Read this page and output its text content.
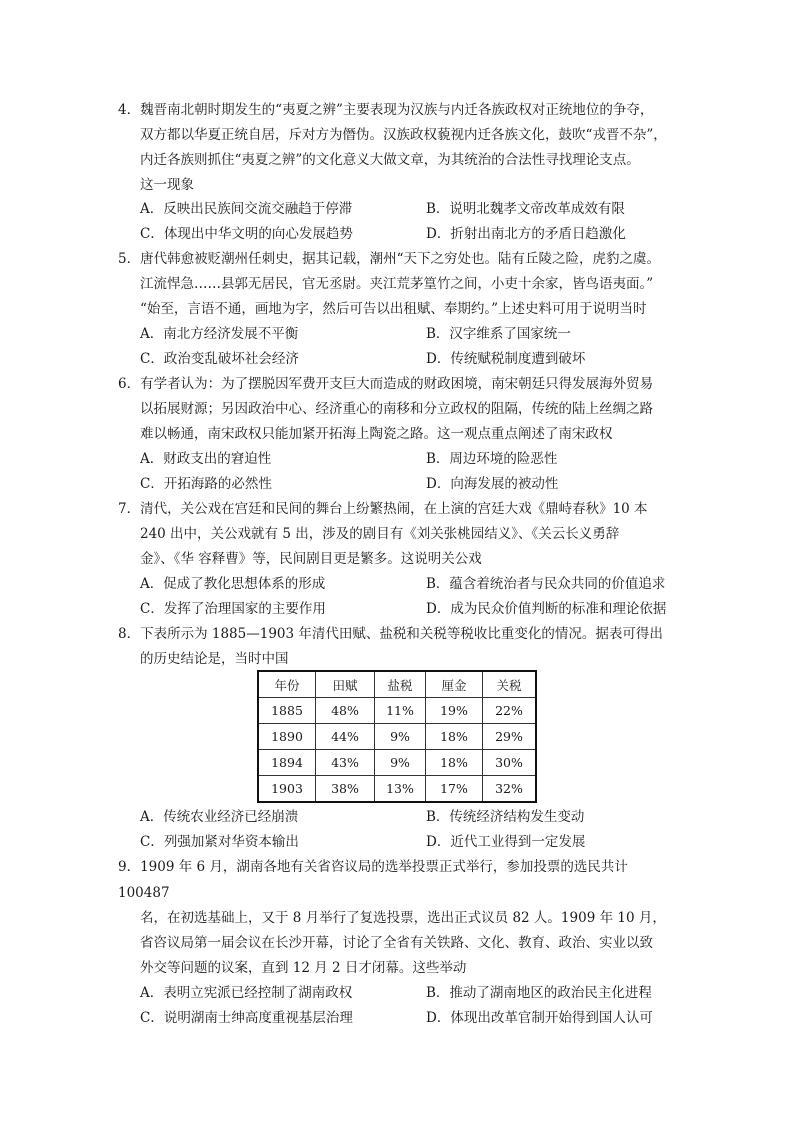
4．魏晋南北朝时期发生的“夷夏之辨”主要表现为汉族与内迁各族政权对正统地位的争夺，
双方都以华夏正统自居，斥对方为僭伪。汉族政权藐视内迁各族文化，鼓吹“戎晋不杂”，
内迁各族则抓住“夷夏之辨”的文化意义大做文章，为其统治的合法性寻找理论支点。
这一现象
A．反映出民族间交流交融趋于停滞	B．说明北魏孝文帝改革成效有限
C．体现出中华文明的向心发展趋势	D．折射出南北方的矛盾日趋激化
5．唐代韩愈被贬潮州任刺史，据其记载，潮州“天下之穷处也。陆有丘陵之险，虎豹之虞。
江流悍急……县郭无居民，官无丞尉。夹江荒茅篁竹之间，小吏十余家，皆鸟语夷面。”
“始至，言语不通，画地为字，然后可告以出租赋、奉期约。”上述史料可用于说明当时
A．南北方经济发展不平衡	B．汉字维系了国家统一
C．政治变乱破坏社会经济	D．传统赋税制度遭到破坏
6．有学者认为：为了摆脱因军费开支巨大而造成的财政困境，南宋朝廷只得发展海外贸易
以拓展财源；另因政治中心、经济重心的南移和分立政权的阻隔，传统的陆上丝绸之路
难以畅通，南宋政权只能加紧开拓海上陶瓷之路。这一观点重点阐述了南宋政权
A．财政支出的窘迫性	B．周边环境的险恶性
C．开拓海路的必然性	D．向海发展的被动性
7．清代，关公戏在宫廷和民间的舞台上纷繁热闹，在上演的宫廷大戏《鼎峙春秋》10 本
240 出中，关公戏就有 5 出，涉及的剧目有《刘关张桃园结义》、《关云长义勇辞
金》、《华 容释曹》等，民间剧目更是繁多。这说明关公戏
A．促成了教化思想体系的形成	B．蕴含着统治者与民众共同的价值追求
C．发挥了治理国家的主要作用	D．成为民众价值判断的标准和理论依据
8．下表所示为 1885—1903 年清代田赋、盐税和关税等税收比重变化的情况。据表可得出
的历史结论是，当时中国
年份	田赋	盐税	厘金	关税
1885	48%	11%	19%	22%
1890	44%	9%	18%	29%
1894	43%	9%	18%	30%
1903	38%	13%	17%	32%
A．传统农业经济已经崩溃	B．传统经济结构发生变动
C．列强加紧对华资本输出	D．近代工业得到一定发展
9．1909 年 6 月，湖南各地有关省咨议局的选举投票正式举行，参加投票的选民共计
100487
名，在初选基础上，又于 8 月举行了复选投票，选出正式议员 82 人。1909 年 10 月，
省咨议局第一届会议在长沙开幕，讨论了全省有关铁路、文化、教育、政治、实业以致
外交等问题的议案，直到 12 月 2 日才闭幕。这些举动
A．表明立宪派已经控制了湖南政权	B．推动了湖南地区的政治民主化进程
C．说明湖南士绅高度重视基层治理	D．体现出改革官制开始得到国人认可
